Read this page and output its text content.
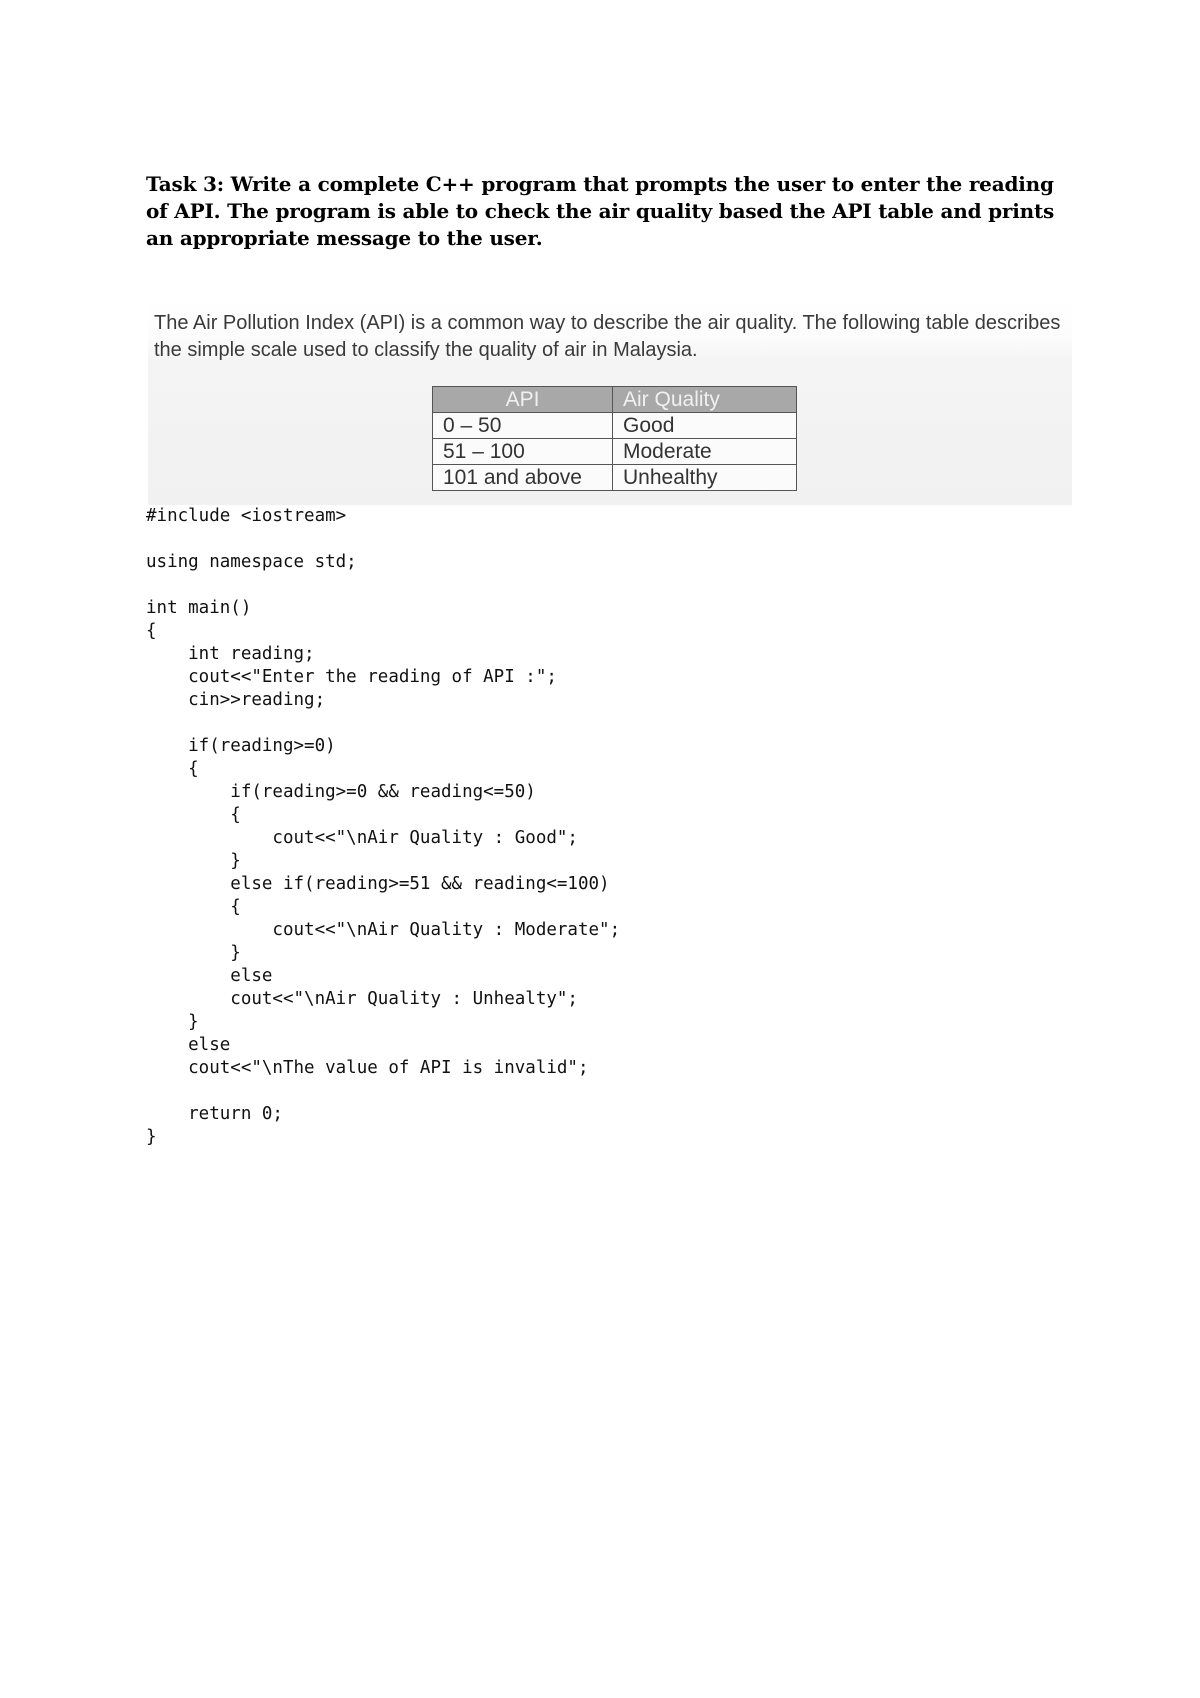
Task 3: Write a complete C++ program that prompts the user to enter the reading of API. The program is able to check the air quality based the API table and prints an appropriate message to the user.
The Air Pollution Index (API) is a common way to describe the air quality. The following table describes the simple scale used to classify the quality of air in Malaysia.
API	Air Quality
0 – 50	Good
51 – 100	Moderate
101 and above	Unhealthy
#include <iostream>
using namespace std;
int main()
{
int reading;
cout<<"Enter the reading of API :";
cin>>reading;
if(reading>=0)
{
if(reading>=0 && reading<=50)
{
cout<<"\nAir Quality : Good";
}
else if(reading>=51 && reading<=100)
{
cout<<"\nAir Quality : Moderate";
}
else
cout<<"\nAir Quality : Unhealty";
}
else
cout<<"\nThe value of API is invalid";
return 0;
}
